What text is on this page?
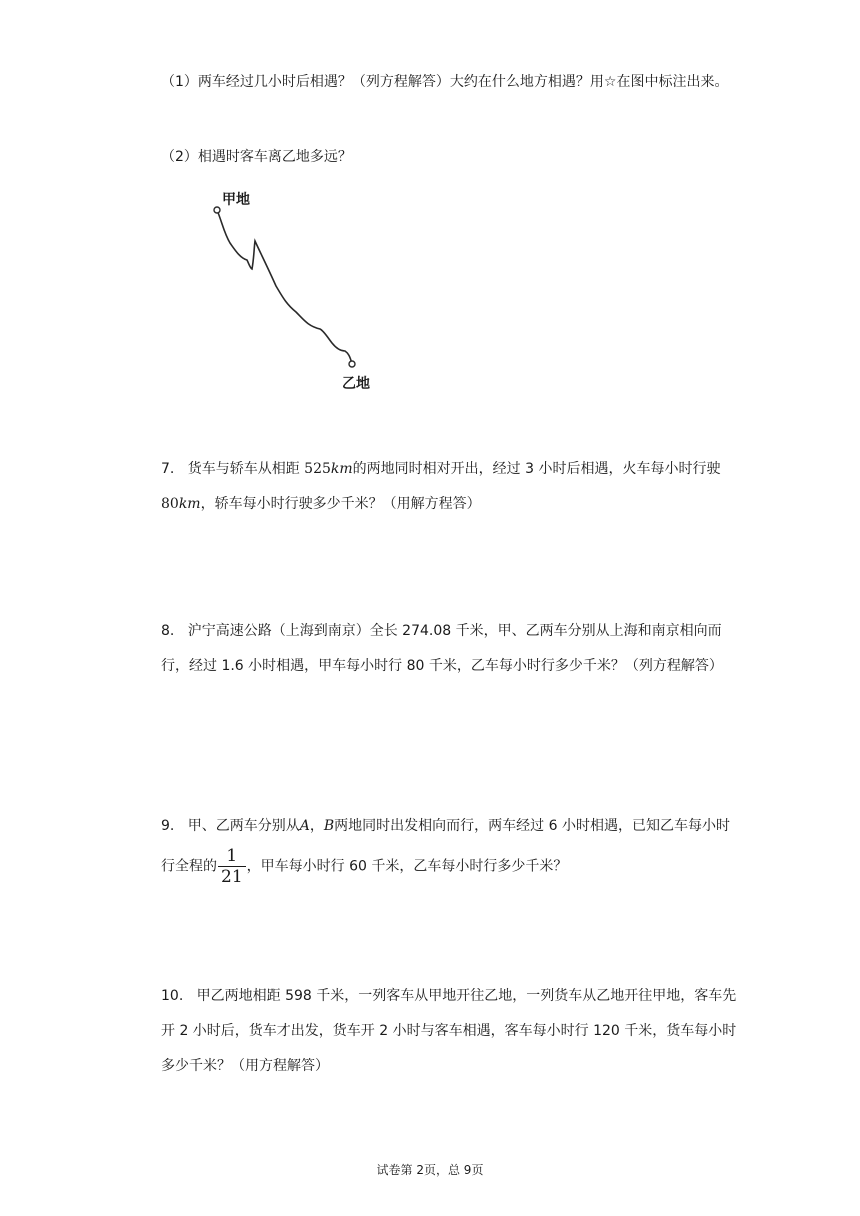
（1）两车经过几小时后相遇？（列方程解答）大约在什么地方相遇？用☆在图中标注出来。

（2）相遇时客车离乙地多远？

甲地
乙地

7. 货车与轿车从相距 525km的两地同时相对开出，经过 3 小时后相遇，火车每小时行驶 80km，轿车每小时行驶多少千米？（用解方程答）

8. 沪宁高速公路（上海到南京）全长 274.08 千米，甲、乙两车分别从上海和南京相向而行，经过 1.6 小时相遇，甲车每小时行 80 千米，乙车每小时行多少千米？（列方程解答）

9. 甲、乙两车分别从A，B两地同时出发相向而行，两车经过 6 小时相遇，已知乙车每小时行全程的 $\frac{1}{21}$ ，甲车每小时行 60 千米，乙车每小时行多少千米？

10. 甲乙两地相距 598 千米，一列客车从甲地开往乙地，一列货车从乙地开往甲地，客车先开 2 小时后，货车才出发，货车开 2 小时与客车相遇，客车每小时行 120 千米，货车每小时多少千米？（用方程解答）

试卷第 2页，总 9页
